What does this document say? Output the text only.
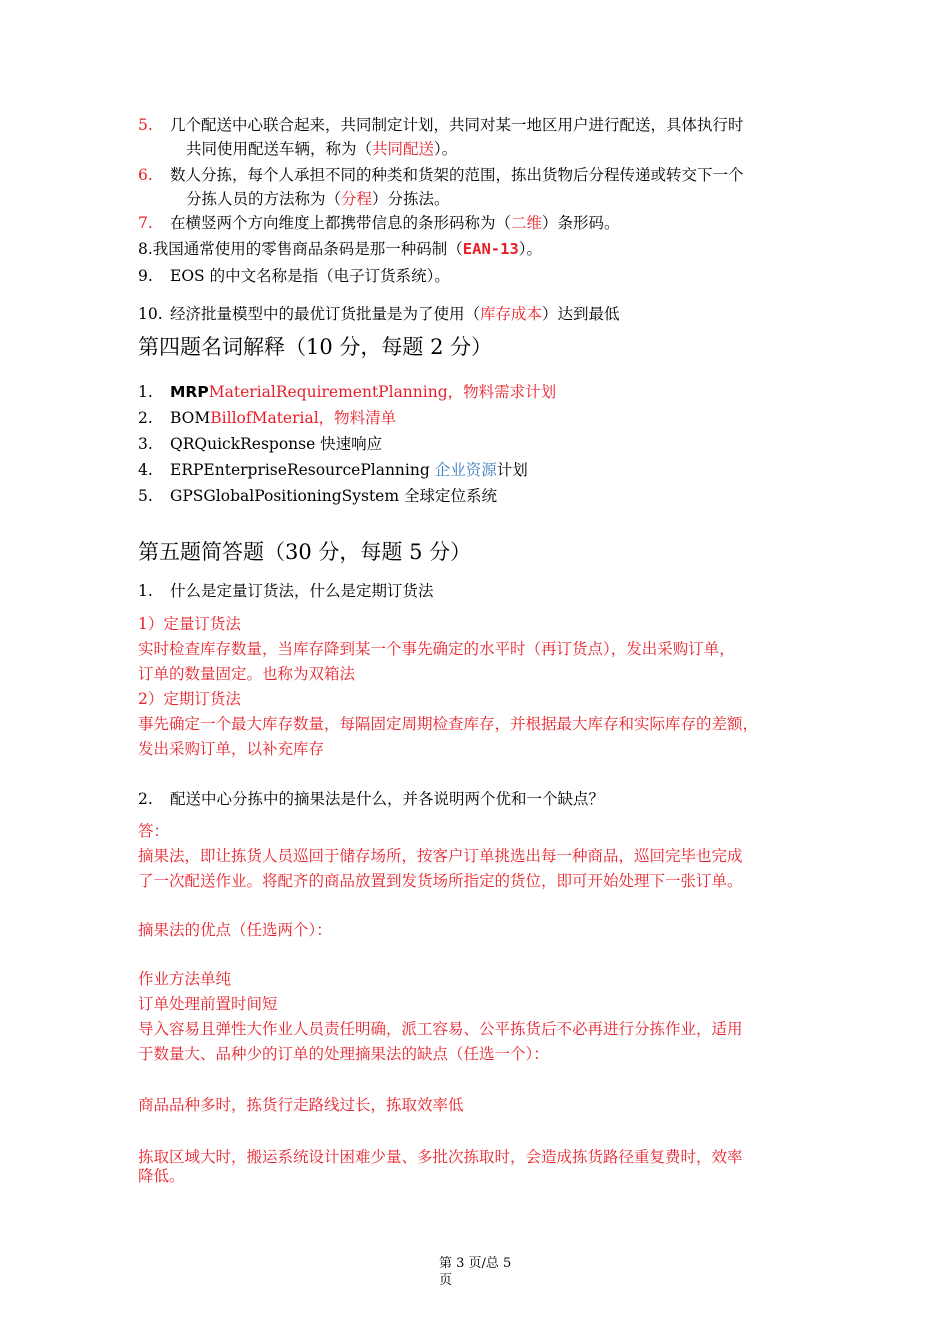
5. 几个配送中心联合起来，共同制定计划，共同对某一地区用户进行配送，具体执行时
共同使用配送车辆，称为（共同配送）。
6. 数人分拣，每个人承担不同的种类和货架的范围，拣出货物后分程传递或转交下一个
分拣人员的方法称为（分程）分拣法。
7. 在横竖两个方向维度上都携带信息的条形码称为（二维）条形码。
8.我国通常使用的零售商品条码是那一种码制（EAN-13）。
9. EOS 的中文名称是指（电子订货系统）。
10. 经济批量模型中的最优订货批量是为了使用（库存成本）达到最低
第四题名词解释（10 分，每题 2 分）
1. MRPMaterialRequirementPlanning，物料需求计划
2. BOMBillofMaterial，物料清单
3. QRQuickResponse 快速响应
4. ERPEnterpriseResourcePlanning 企业资源计划
5. GPSGlobalPositioningSystem 全球定位系统
第五题简答题（30 分，每题 5 分）
1. 什么是定量订货法，什么是定期订货法
1）定量订货法
实时检查库存数量，当库存降到某一个事先确定的水平时（再订货点），发出采购订单，
订单的数量固定。也称为双箱法
2）定期订货法
事先确定一个最大库存数量，每隔固定周期检查库存，并根据最大库存和实际库存的差额，
发出采购订单，以补充库存
2. 配送中心分拣中的摘果法是什么，并各说明两个优和一个缺点？
答：
摘果法，即让拣货人员巡回于储存场所，按客户订单挑选出每一种商品，巡回完毕也完成
了一次配送作业。将配齐的商品放置到发货场所指定的货位，即可开始处理下一张订单。
摘果法的优点（任选两个）：
作业方法单纯
订单处理前置时间短
导入容易且弹性大作业人员责任明确，派工容易、公平拣货后不必再进行分拣作业，适用
于数量大、品种少的订单的处理摘果法的缺点（任选一个）：
商品品种多时，拣货行走路线过长，拣取效率低
拣取区域大时，搬运系统设计困难少量、多批次拣取时，会造成拣货路径重复费时，效率
降低。
第 3 页/总 5
页
